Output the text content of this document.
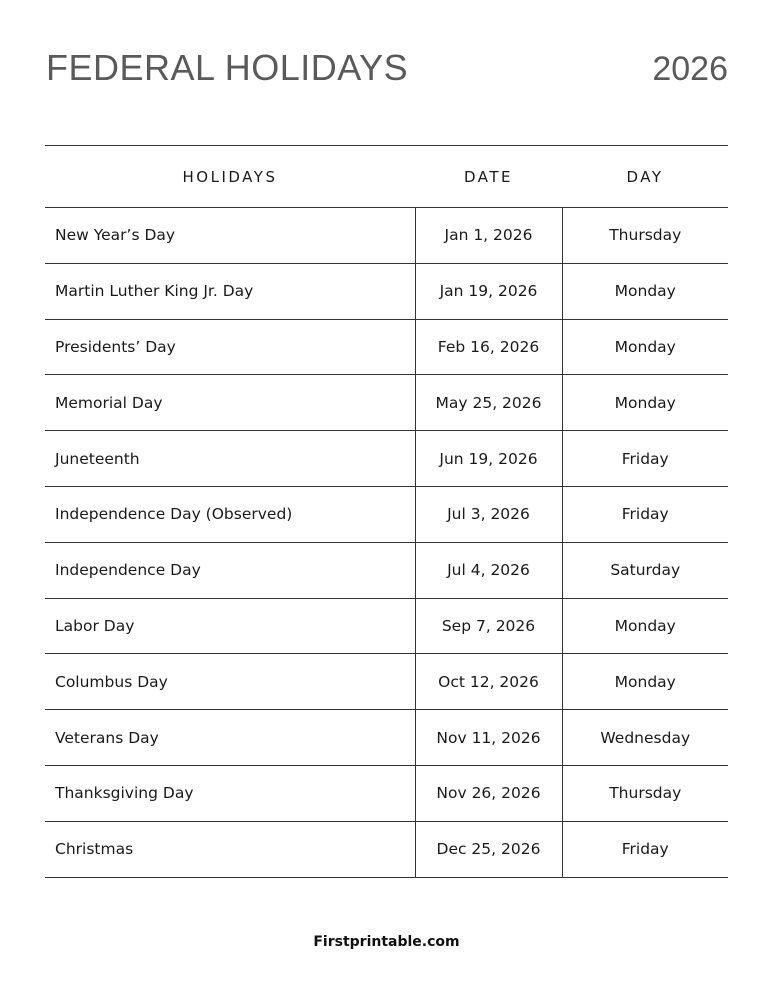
FEDERAL HOLIDAYS	2026
HOLIDAYS	DATE	DAY
New Year’s Day	Jan 1, 2026	Thursday
Martin Luther King Jr. Day	Jan 19, 2026	Monday
Presidents’ Day	Feb 16, 2026	Monday
Memorial Day	May 25, 2026	Monday
Juneteenth	Jun 19, 2026	Friday
Independence Day (Observed)	Jul 3, 2026	Friday
Independence Day	Jul 4, 2026	Saturday
Labor Day	Sep 7, 2026	Monday
Columbus Day	Oct 12, 2026	Monday
Veterans Day	Nov 11, 2026	Wednesday
Thanksgiving Day	Nov 26, 2026	Thursday
Christmas	Dec 25, 2026	Friday
Firstprintable.com
